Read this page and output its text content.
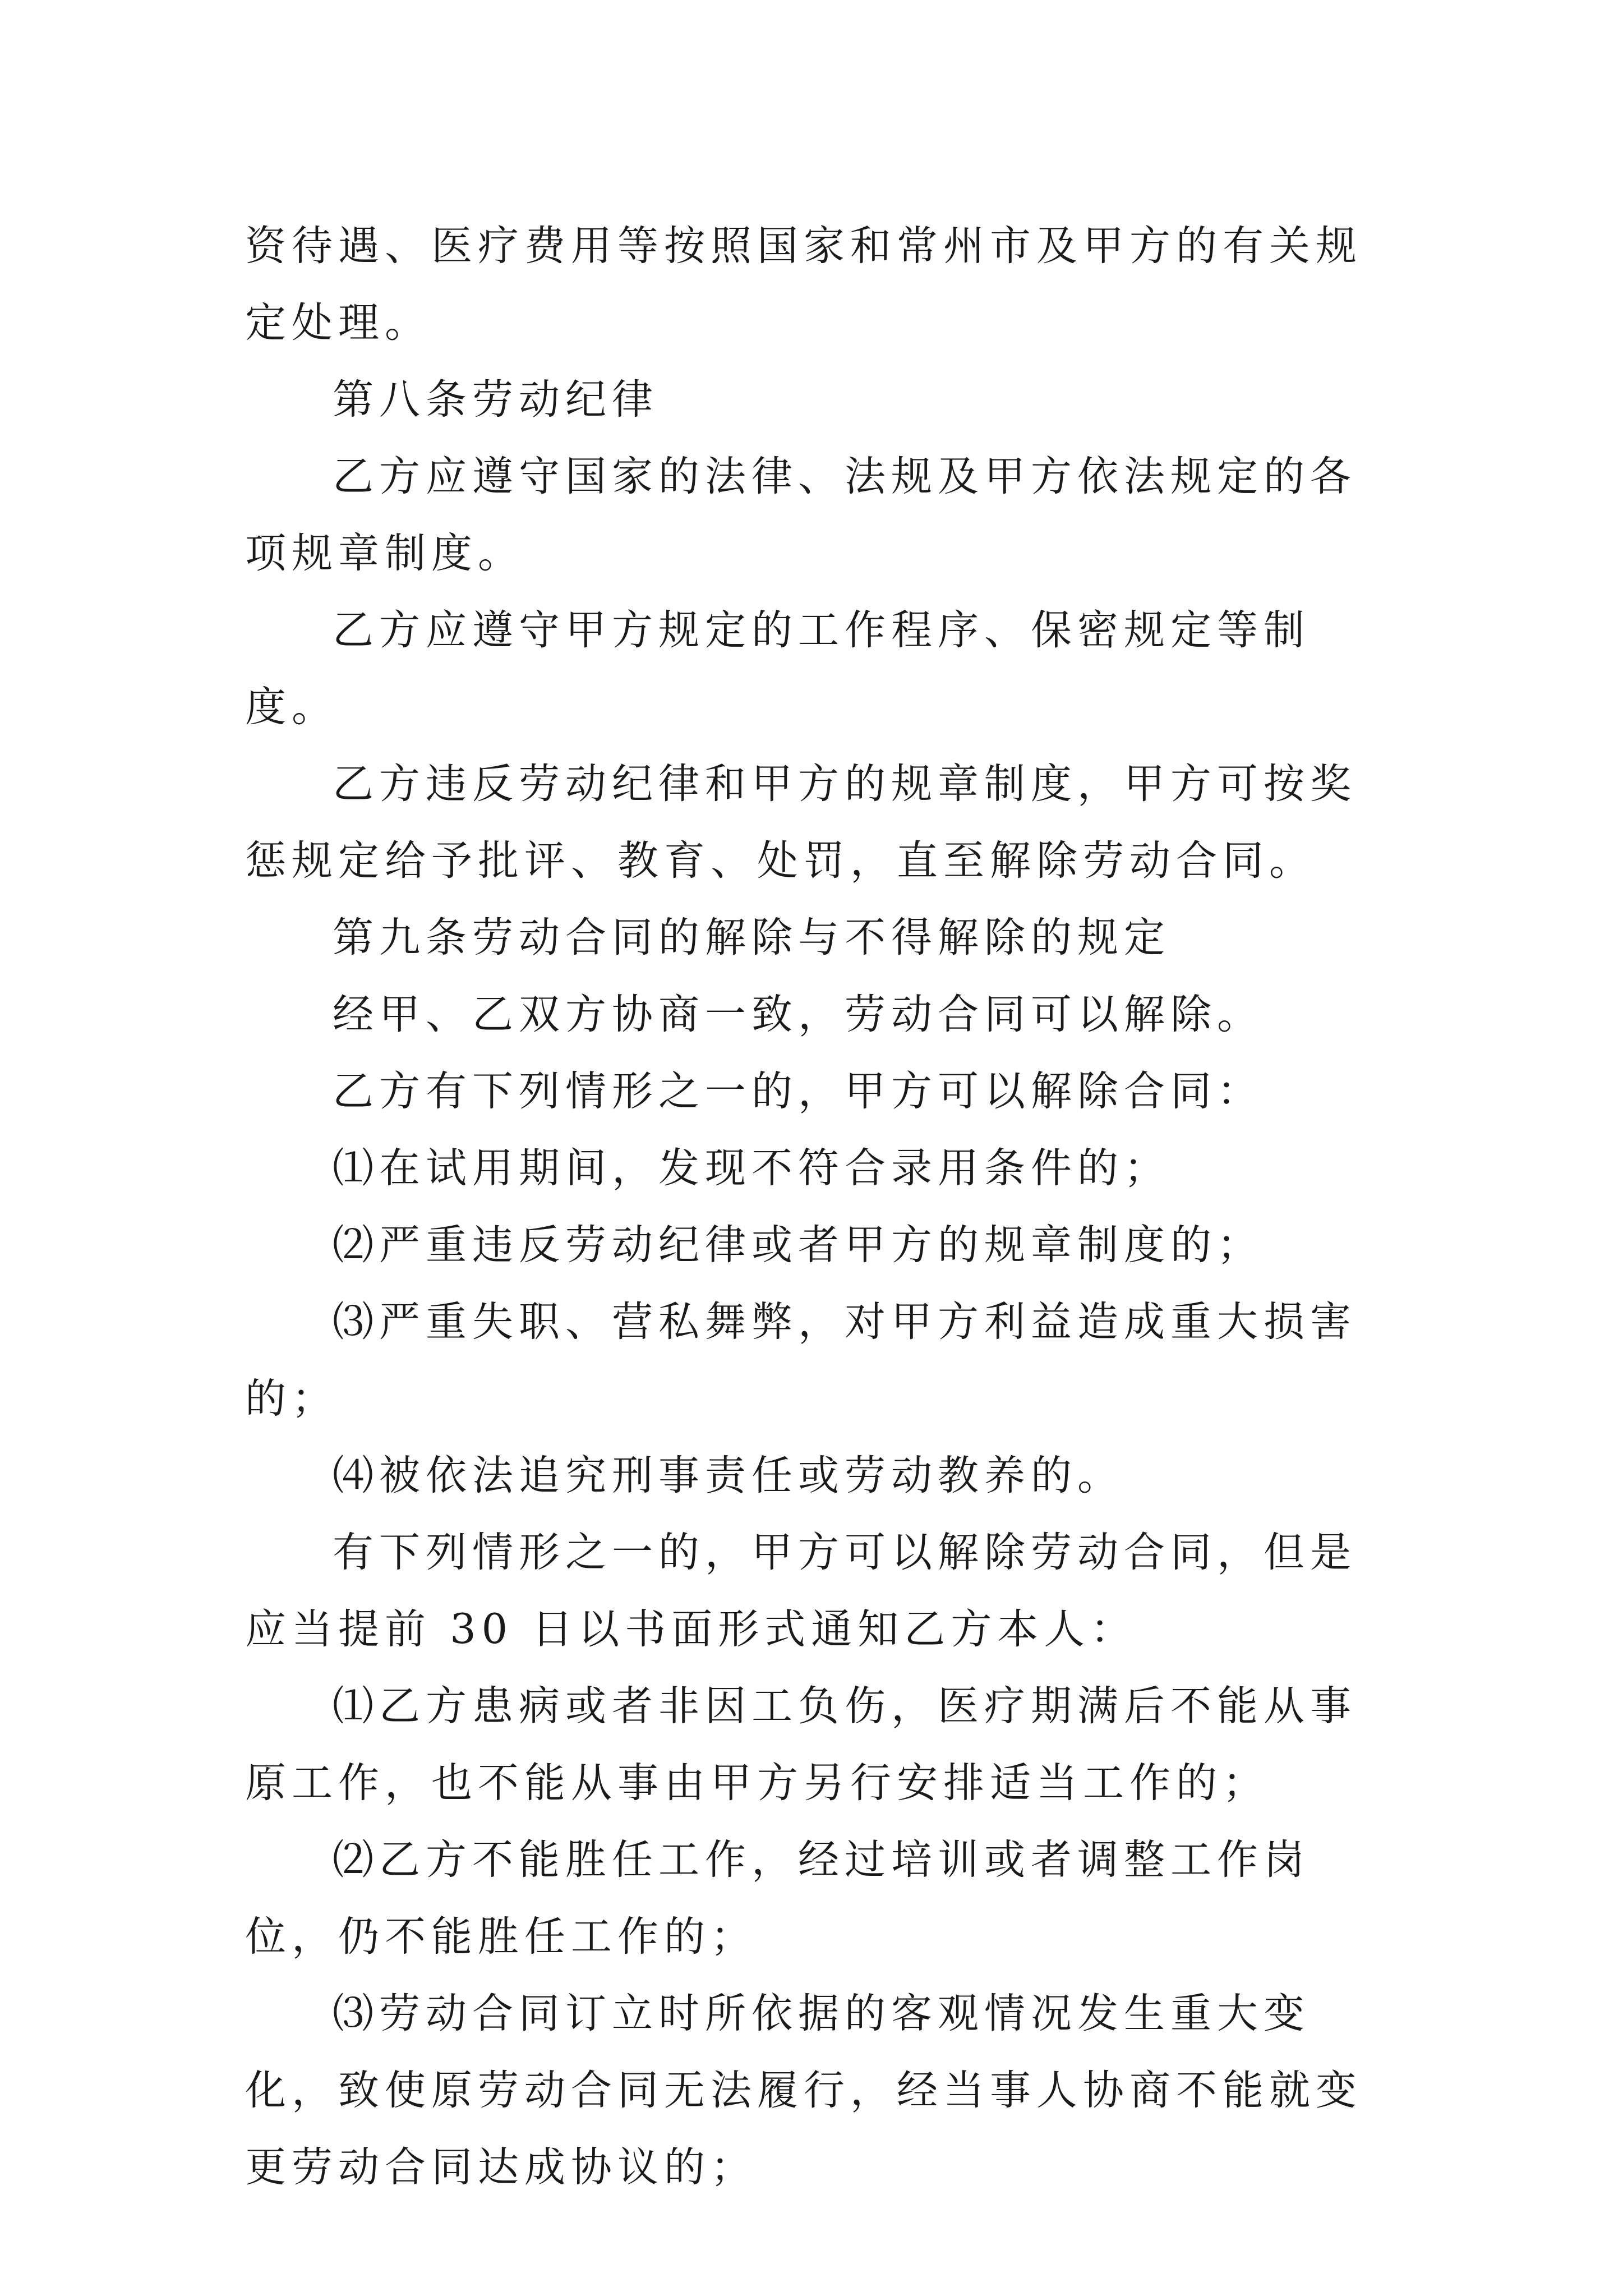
资待遇、医疗费用等按照国家和常州市及甲方的有关规定处理。

第八条劳动纪律

乙方应遵守国家的法律、法规及甲方依法规定的各项规章制度。

乙方应遵守甲方规定的工作程序、保密规定等制度。

乙方违反劳动纪律和甲方的规章制度，甲方可按奖惩规定给予批评、教育、处罚，直至解除劳动合同。

第九条劳动合同的解除与不得解除的规定

经甲、乙双方协商一致，劳动合同可以解除。

乙方有下列情形之一的，甲方可以解除合同：

⑴在试用期间，发现不符合录用条件的；

⑵严重违反劳动纪律或者甲方的规章制度的；

⑶严重失职、营私舞弊，对甲方利益造成重大损害的；

⑷被依法追究刑事责任或劳动教养的。

有下列情形之一的，甲方可以解除劳动合同，但是应当提前 30 日以书面形式通知乙方本人：

⑴乙方患病或者非因工负伤，医疗期满后不能从事原工作，也不能从事由甲方另行安排适当工作的；

⑵乙方不能胜任工作，经过培训或者调整工作岗位，仍不能胜任工作的；

⑶劳动合同订立时所依据的客观情况发生重大变化，致使原劳动合同无法履行，经当事人协商不能就变更劳动合同达成协议的；
